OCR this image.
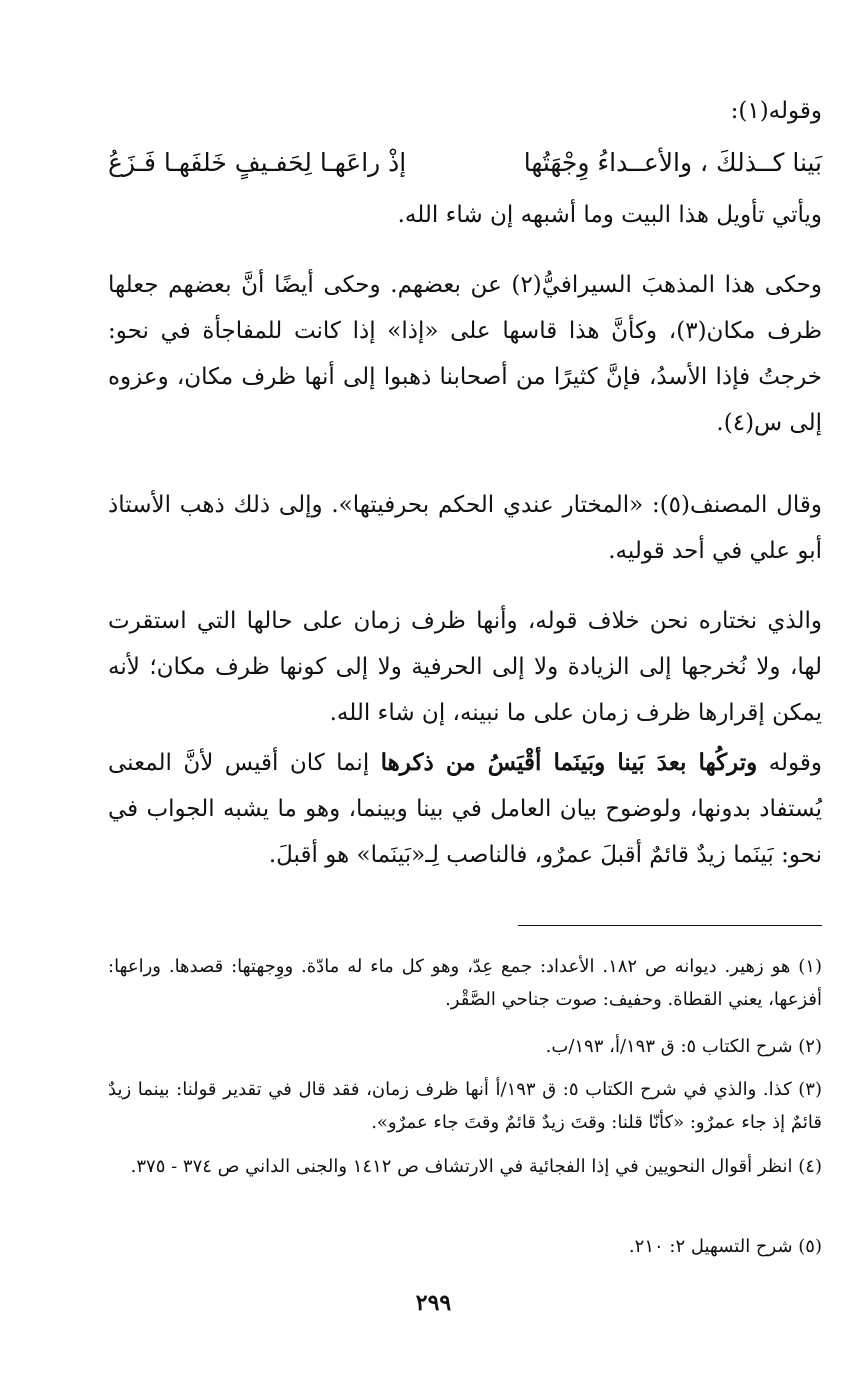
وقوله(١):

بَينا كــذلكَ ، والأعــداءُ وِجْهَتُها
إذْ راعَهـا لِحَفـيفٍ خَلفَهـا فَـزَعُ

ويأتي تأويل هذا البيت وما أشبهه إن شاء الله.

وحكى هذا المذهبَ السيرافيُّ(٢) عن بعضهم. وحكى أيضًا أنَّ بعضهم جعلها ظرف مكان(٣)، وكأنَّ هذا قاسها على «إذا» إذا كانت للمفاجأة في نحو: خرجتُ فإذا الأسدُ، فإنَّ كثيرًا من أصحابنا ذهبوا إلى أنها ظرف مكان، وعزوه إلى س(٤).

وقال المصنف(٥): «المختار عندي الحكم بحرفيتها». وإلى ذلك ذهب الأستاذ أبو علي في أحد قوليه.

والذي نختاره نحن خلاف قوله، وأنها ظرف زمان على حالها التي استقرت لها، ولا نُخرجها إلى الزيادة ولا إلى الحرفية ولا إلى كونها ظرف مكان؛ لأنه يمكن إقرارها ظرف زمان على ما نبينه، إن شاء الله.

وقوله وتركُها بعدَ بَينا وبَينَما أقْيَسُ من ذكرها إنما كان أقيس لأنَّ المعنى يُستفاد بدونها، ولوضوح بيان العامل في بينا وبينما، وهو ما يشبه الجواب في نحو: بَينَما زيدٌ قائمٌ أقبلَ عمرٌو، فالناصب لِـ«بَينَما» هو أقبلَ.

(١) هو زهير. ديوانه ص ١٨٢. الأعداد: جمع عِدّ، وهو كل ماء له مادّة. ووِجهتها: قصدها. وراعها: أفزعها، يعني القطاة. وحفيف: صوت جناحي الصَّقْر.

(٢) شرح الكتاب ٥: ق ١٩٣/أ، ١٩٣/ب.

(٣) كذا. والذي في شرح الكتاب ٥: ق ١٩٣/أ أنها ظرف زمان، فقد قال في تقدير قولنا: بينما زيدٌ قائمٌ إذ جاء عمرٌو: «كأنّا قلنا: وقتَ زيدٌ قائمٌ وقتَ جاء عمرٌو».

(٤) انظر أقوال النحويين في إذا الفجائية في الارتشاف ص ١٤١٢ والجنى الداني ص ٣٧٤ - ٣٧٥.

(٥) شرح التسهيل ٢: ٢١٠.

٢٩٩
